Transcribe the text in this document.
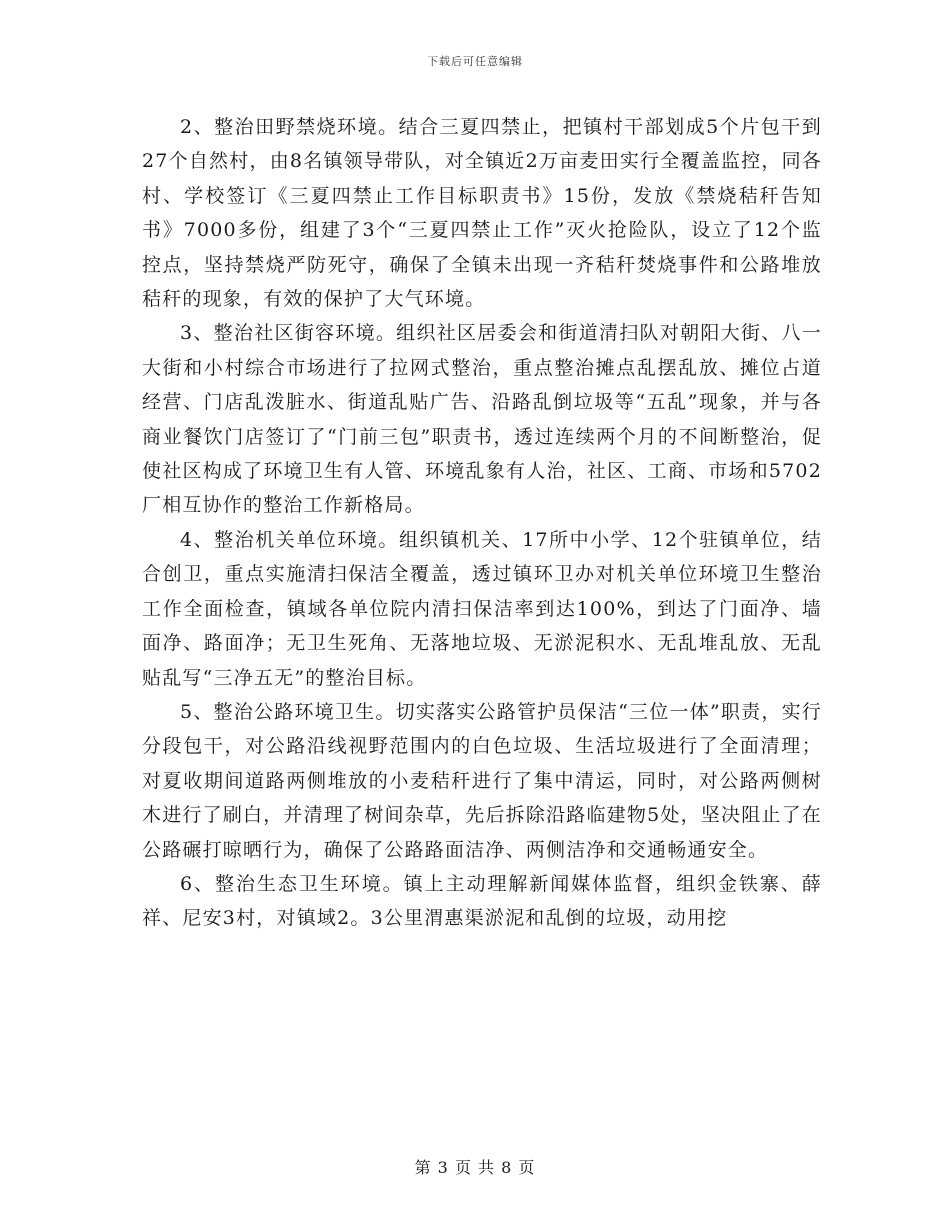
下载后可任意编辑

2、整治田野禁烧环境。结合三夏四禁止，把镇村干部划成5个片包干到27个自然村，由8名镇领导带队，对全镇近2万亩麦田实行全覆盖监控，同各村、学校签订《三夏四禁止工作目标职责书》15份，发放《禁烧秸秆告知书》7000多份，组建了3个“三夏四禁止工作”灭火抢险队，设立了12个监控点，坚持禁烧严防死守，确保了全镇未出现一齐秸秆焚烧事件和公路堆放秸秆的现象，有效的保护了大气环境。

3、整治社区街容环境。组织社区居委会和街道清扫队对朝阳大街、八一大街和小村综合市场进行了拉网式整治，重点整治摊点乱摆乱放、摊位占道经营、门店乱泼脏水、街道乱贴广告、沿路乱倒垃圾等“五乱”现象，并与各商业餐饮门店签订了“门前三包”职责书，透过连续两个月的不间断整治，促使社区构成了环境卫生有人管、环境乱象有人治，社区、工商、市场和5702厂相互协作的整治工作新格局。

4、整治机关单位环境。组织镇机关、17所中小学、12个驻镇单位，结合创卫，重点实施清扫保洁全覆盖，透过镇环卫办对机关单位环境卫生整治工作全面检查，镇域各单位院内清扫保洁率到达100%，到达了门面净、墙面净、路面净；无卫生死角、无落地垃圾、无淤泥积水、无乱堆乱放、无乱贴乱写“三净五无”的整治目标。

5、整治公路环境卫生。切实落实公路管护员保洁“三位一体”职责，实行分段包干，对公路沿线视野范围内的白色垃圾、生活垃圾进行了全面清理；对夏收期间道路两侧堆放的小麦秸秆进行了集中清运，同时，对公路两侧树木进行了刷白，并清理了树间杂草，先后拆除沿路临建物5处，坚决阻止了在公路碾打晾晒行为，确保了公路路面洁净、两侧洁净和交通畅通安全。

6、整治生态卫生环境。镇上主动理解新闻媒体监督，组织金铁寨、薛祥、尼安3村，对镇域2。3公里渭惠渠淤泥和乱倒的垃圾，动用挖

第 3 页 共 8 页
